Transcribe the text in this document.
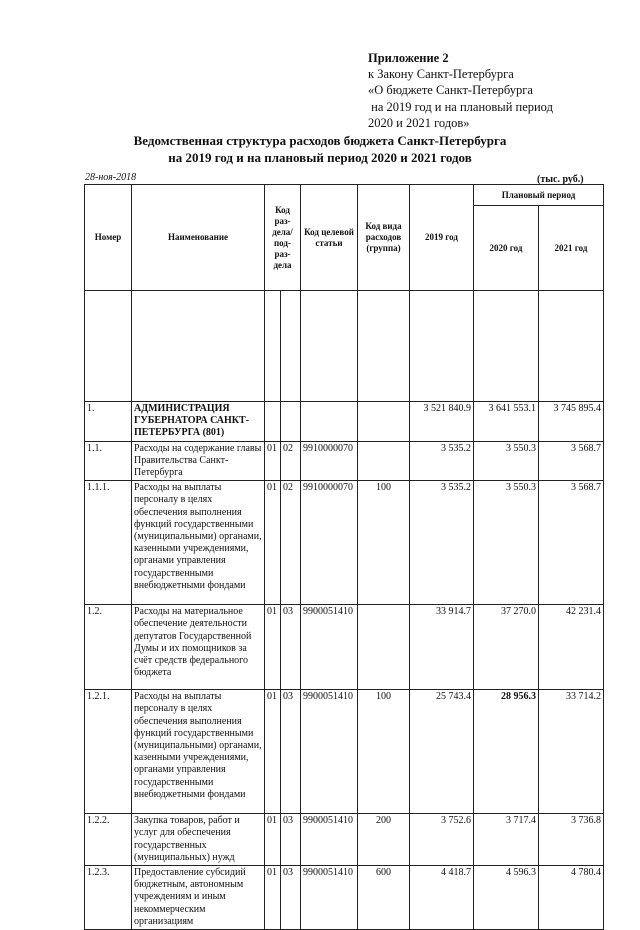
Приложение 2
к Закону Санкт-Петербурга
«О бюджете Санкт-Петербурга
на 2019 год и на плановый период
2020 и 2021 годов»
Ведомственная структура расходов бюджета Санкт-Петербурга
на 2019 год и на плановый период 2020 и 2021 годов
28-ноя-2018	(тыс. руб.)
Номер	Наименование	Код раз-дела/ под-раз-дела		Код целевой статьи	Код вида расходов (группа)	2019 год	Плановый период	
							2020 год	2021 год

1.	АДМИНИСТРАЦИЯ ГУБЕРНАТОРА САНКТ-ПЕТЕРБУРГА (801)					3 521 840.9	3 641 553.1	3 745 895.4
1.1.	Расходы на содержание главы Правительства Санкт-Петербурга	01	02	9910000070		3 535.2	3 550.3	3 568.7
1.1.1.	Расходы на выплаты персоналу в целях обеспечения выполнения функций государственными (муниципальными) органами, казенными учреждениями, органами управления государственными внебюджетными фондами	01	02	9910000070	100	3 535.2	3 550.3	3 568.7
1.2.	Расходы на материальное обеспечение деятельности депутатов Государственной Думы и их помощников за счёт средств федерального бюджета	01	03	9900051410		33 914.7	37 270.0	42 231.4
1.2.1.	Расходы на выплаты персоналу в целях обеспечения выполнения функций государственными (муниципальными) органами, казенными учреждениями, органами управления государственными внебюджетными фондами	01	03	9900051410	100	25 743.4	28 956.3	33 714.2
1.2.2.	Закупка товаров, работ и услуг для обеспечения государственных (муниципальных) нужд	01	03	9900051410	200	3 752.6	3 717.4	3 736.8
1.2.3.	Предоставление субсидий бюджетным, автономным учреждениям и иным некоммерческим организациям	01	03	9900051410	600	4 418.7	4 596.3	4 780.4
